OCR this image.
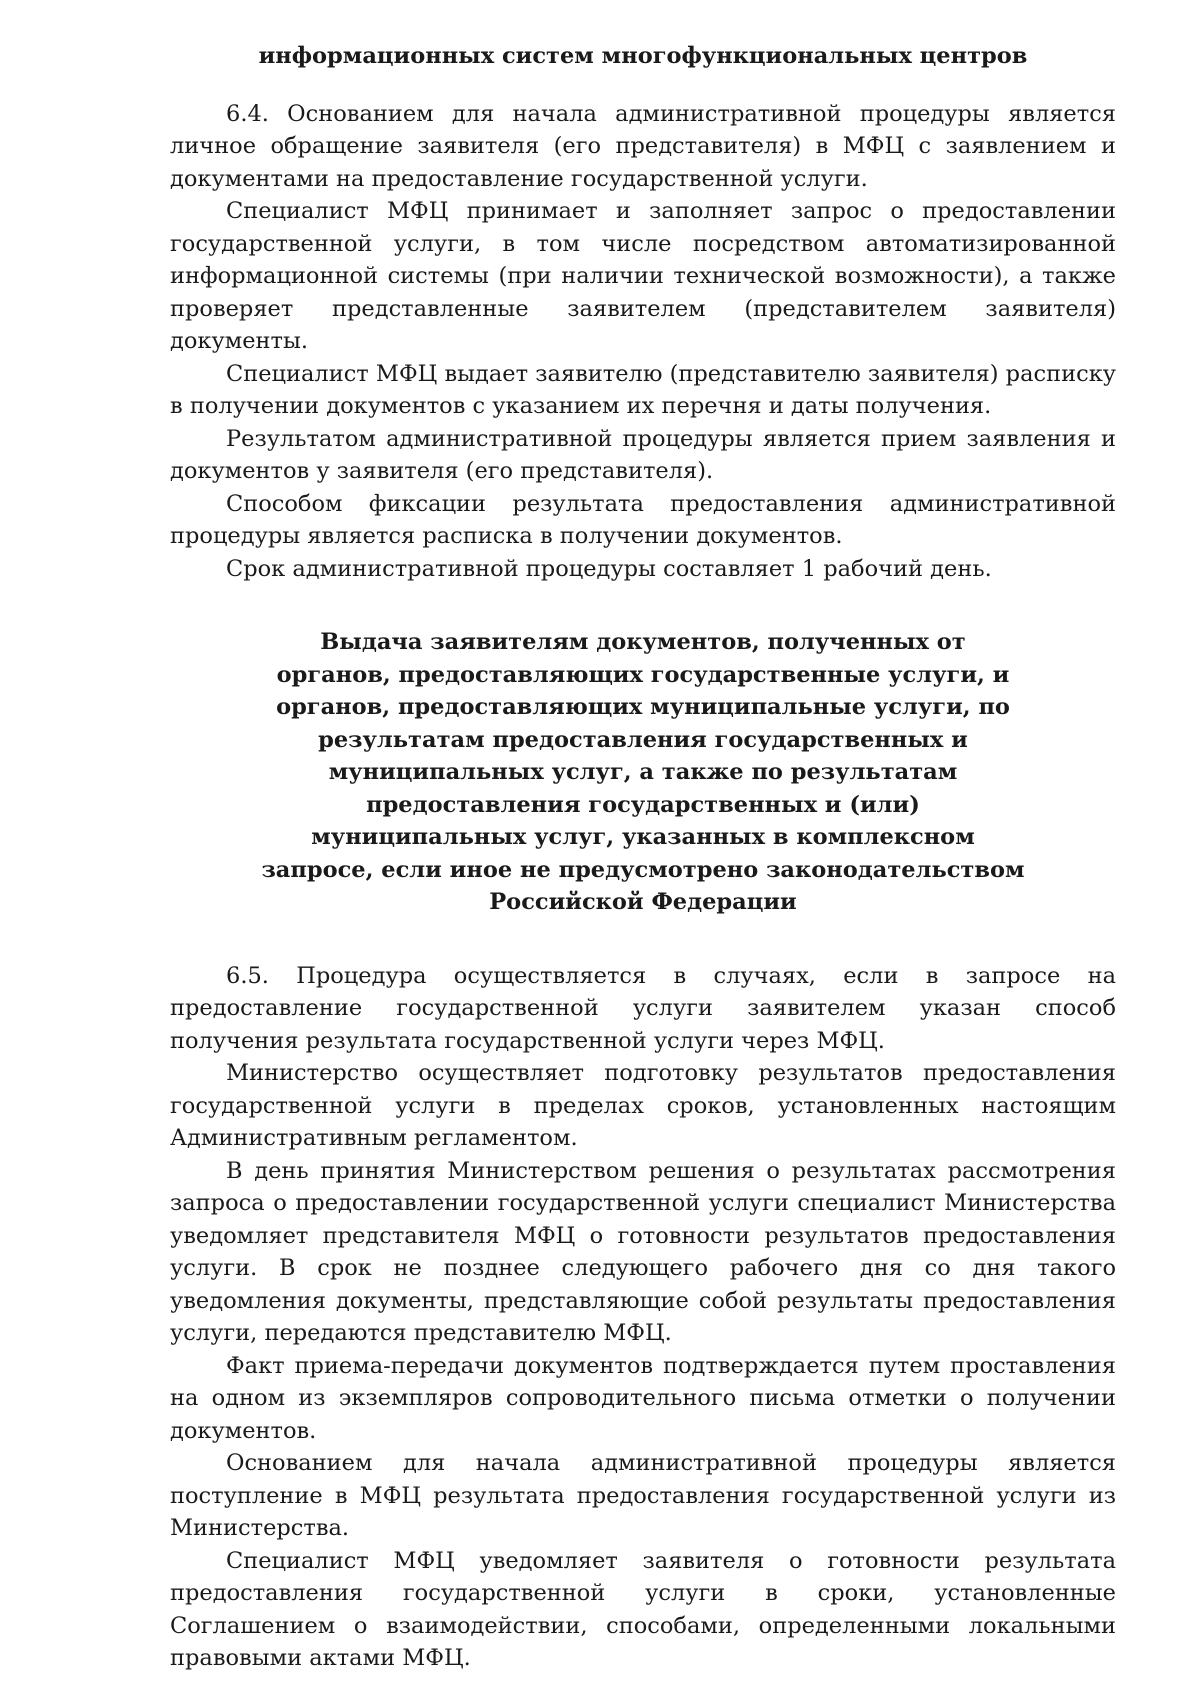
информационных систем многофункциональных центров

6.4. Основанием для начала административной процедуры является личное обращение заявителя (его представителя) в МФЦ с заявлением и документами на предоставление государственной услуги.

Специалист МФЦ принимает и заполняет запрос о предоставлении государственной услуги, в том числе посредством автоматизированной информационной системы (при наличии технической возможности), а также проверяет представленные заявителем (представителем заявителя) документы.

Специалист МФЦ выдает заявителю (представителю заявителя) расписку в получении документов с указанием их перечня и даты получения.

Результатом административной процедуры является прием заявления и документов у заявителя (его представителя).

Способом фиксации результата предоставления административной процедуры является расписка в получении документов.

Срок административной процедуры составляет 1 рабочий день.

Выдача заявителям документов, полученных от органов, предоставляющих государственные услуги, и органов, предоставляющих муниципальные услуги, по результатам предоставления государственных и муниципальных услуг, а также по результатам предоставления государственных и (или) муниципальных услуг, указанных в комплексном запросе, если иное не предусмотрено законодательством Российской Федерации

6.5. Процедура осуществляется в случаях, если в запросе на предоставление государственной услуги заявителем указан способ получения результата государственной услуги через МФЦ.

Министерство осуществляет подготовку результатов предоставления государственной услуги в пределах сроков, установленных настоящим Административным регламентом.

В день принятия Министерством решения о результатах рассмотрения запроса о предоставлении государственной услуги специалист Министерства уведомляет представителя МФЦ о готовности результатов предоставления услуги. В срок не позднее следующего рабочего дня со дня такого уведомления документы, представляющие собой результаты предоставления услуги, передаются представителю МФЦ.

Факт приема-передачи документов подтверждается путем проставления на одном из экземпляров сопроводительного письма отметки о получении документов.

Основанием для начала административной процедуры является поступление в МФЦ результата предоставления государственной услуги из Министерства.

Специалист МФЦ уведомляет заявителя о готовности результата предоставления государственной услуги в сроки, установленные Соглашением о взаимодействии, способами, определенными локальными правовыми актами МФЦ.
